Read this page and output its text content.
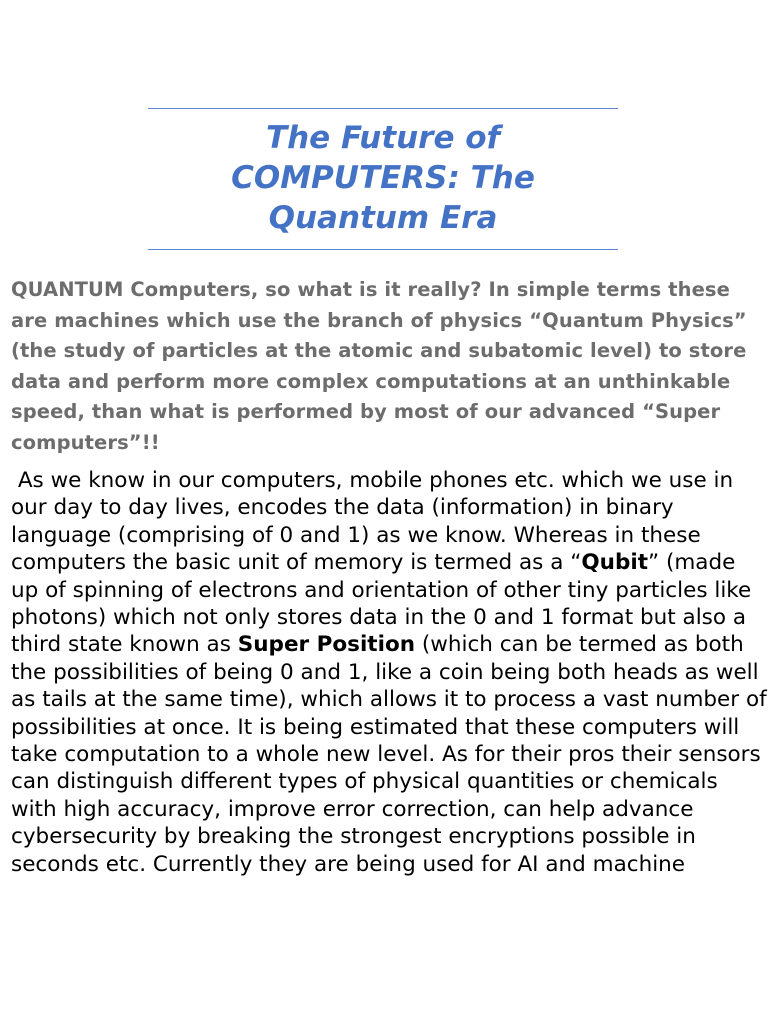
The Future of COMPUTERS: The Quantum Era
QUANTUM Computers, so what is it really? In simple terms these are machines which use the branch of physics “Quantum Physics” (the study of particles at the atomic and subatomic level) to store data and perform more complex computations at an unthinkable speed, than what is performed by most of our advanced “Super computers”!!
As we know in our computers, mobile phones etc. which we use in our day to day lives, encodes the data (information) in binary language (comprising of 0 and 1) as we know. Whereas in these computers the basic unit of memory is termed as a “Qubit” (made up of spinning of electrons and orientation of other tiny particles like photons) which not only stores data in the 0 and 1 format but also a third state known as Super Position (which can be termed as both the possibilities of being 0 and 1, like a coin being both heads as well as tails at the same time), which allows it to process a vast number of possibilities at once. It is being estimated that these computers will take computation to a whole new level. As for their pros their sensors can distinguish different types of physical quantities or chemicals with high accuracy, improve error correction, can help advance cybersecurity by breaking the strongest encryptions possible in seconds etc. Currently they are being used for AI and machine
